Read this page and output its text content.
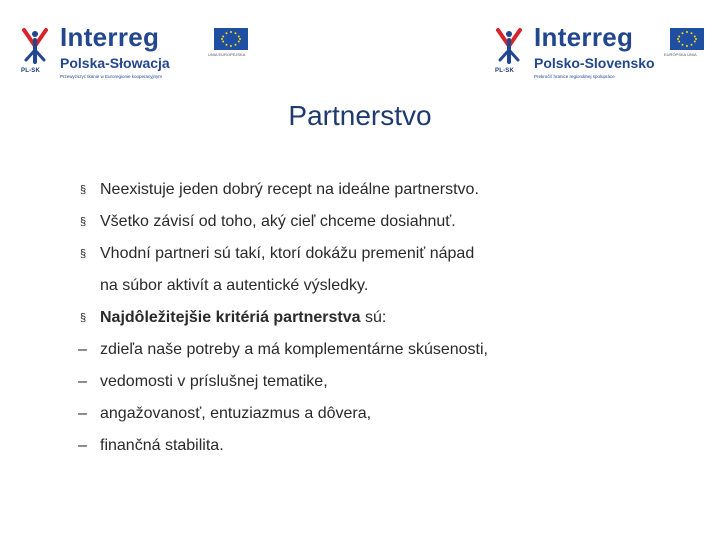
PL-SK
Interreg
UNIA EUROPEJSKA
Polska-Słowacja
Przewyższyć tkanie w Euroregionie kooperacyjnym
PL-SK
Interreg
EURÓPSKA ÚNIA
Polsko-Slovensko
Prekročiť hranice regionálnej spolupráce
Partnerstvo
§ Neexistuje jeden dobrý recept na ideálne partnerstvo.
§ Všetko závisí od toho, aký cieľ chceme dosiahnuť.
§ Vhodní partneri sú takí, ktorí dokážu premeniť nápad
na súbor aktivít a autentické výsledky.
§ Najdôležitejšie kritériá partnerstva sú:
– zdieľa naše potreby a má komplementárne skúsenosti,
– vedomosti v príslušnej tematike,
– angažovanosť, entuziazmus a dôvera,
– finančná stabilita.
